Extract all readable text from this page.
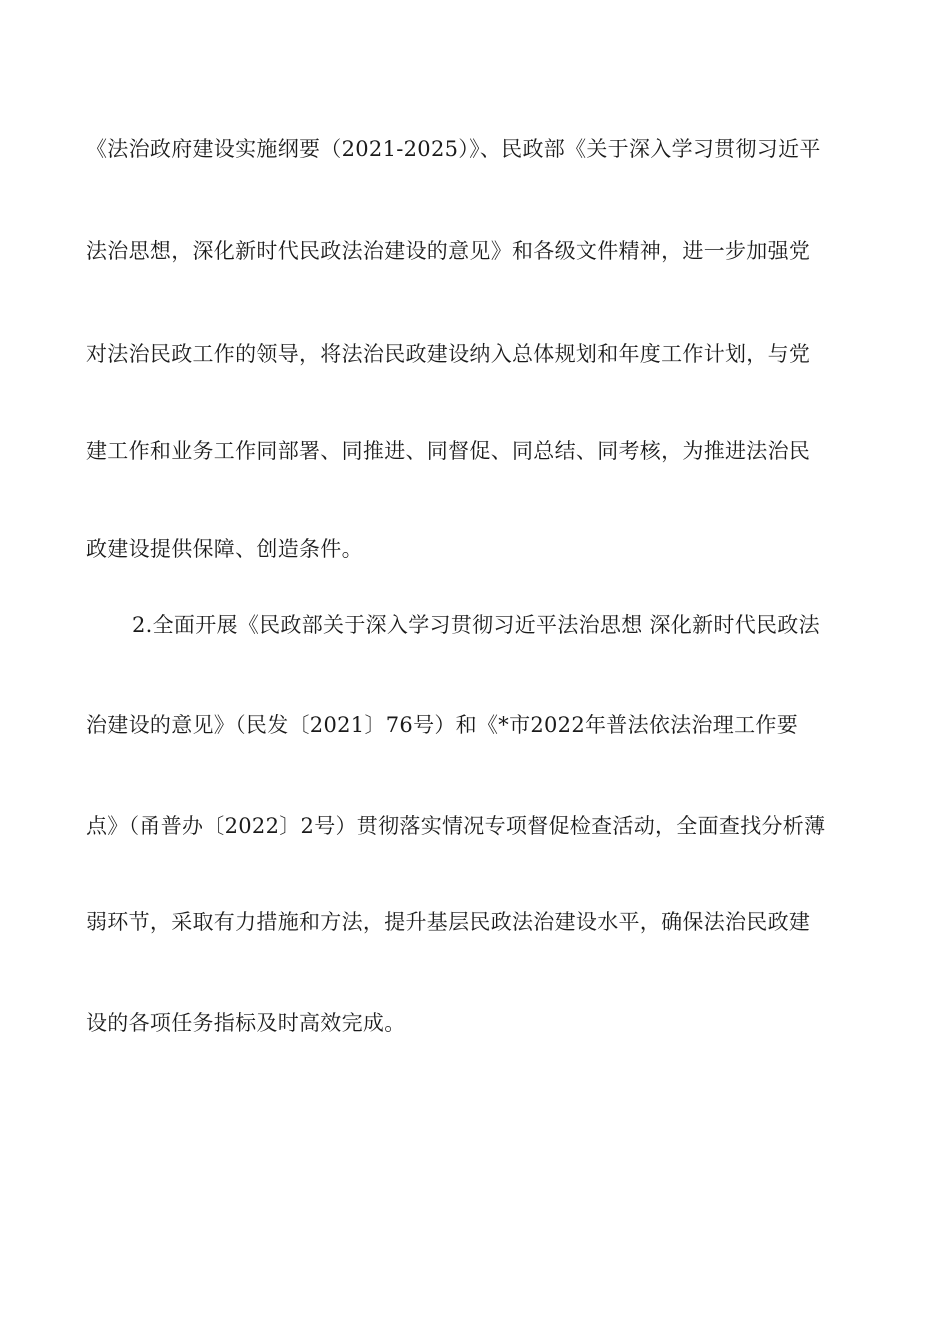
《法治政府建设实施纲要（2021-2025）》、民政部《关于深入学习贯彻习近平

法治思想，深化新时代民政法治建设的意见》和各级文件精神，进一步加强党

对法治民政工作的领导，将法治民政建设纳入总体规划和年度工作计划，与党

建工作和业务工作同部署、同推进、同督促、同总结、同考核，为推进法治民

政建设提供保障、创造条件。

2.全面开展《民政部关于深入学习贯彻习近平法治思想 深化新时代民政法

治建设的意见》（民发〔2021〕76号）和《*市2022年普法依法治理工作要

点》（甬普办〔2022〕2号）贯彻落实情况专项督促检查活动，全面查找分析薄

弱环节，采取有力措施和方法，提升基层民政法治建设水平，确保法治民政建

设的各项任务指标及时高效完成。
